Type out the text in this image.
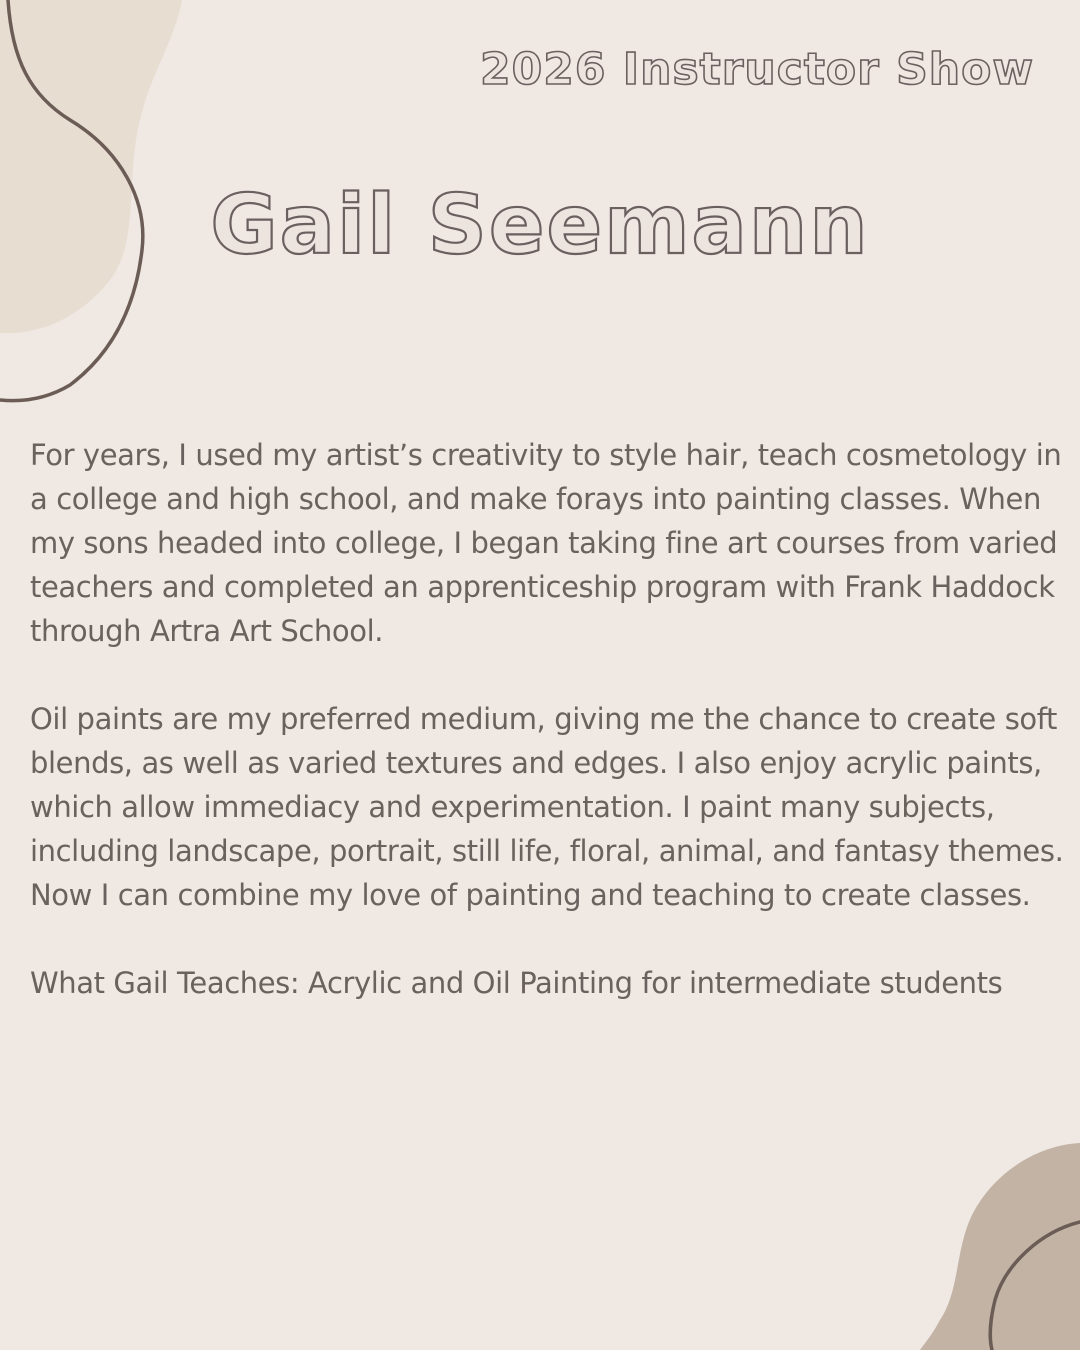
2026 Instructor Show
Gail Seemann

For years, I used my artist’s creativity to style hair, teach cosmetology in a college and high school, and make forays into painting classes. When my sons headed into college, I began taking fine art courses from varied teachers and completed an apprenticeship program with Frank Haddock through Artra Art School.

Oil paints are my preferred medium, giving me the chance to create soft blends, as well as varied textures and edges. I also enjoy acrylic paints, which allow immediacy and experimentation. I paint many subjects, including landscape, portrait, still life, floral, animal, and fantasy themes. Now I can combine my love of painting and teaching to create classes.

What Gail Teaches: Acrylic and Oil Painting for intermediate students
